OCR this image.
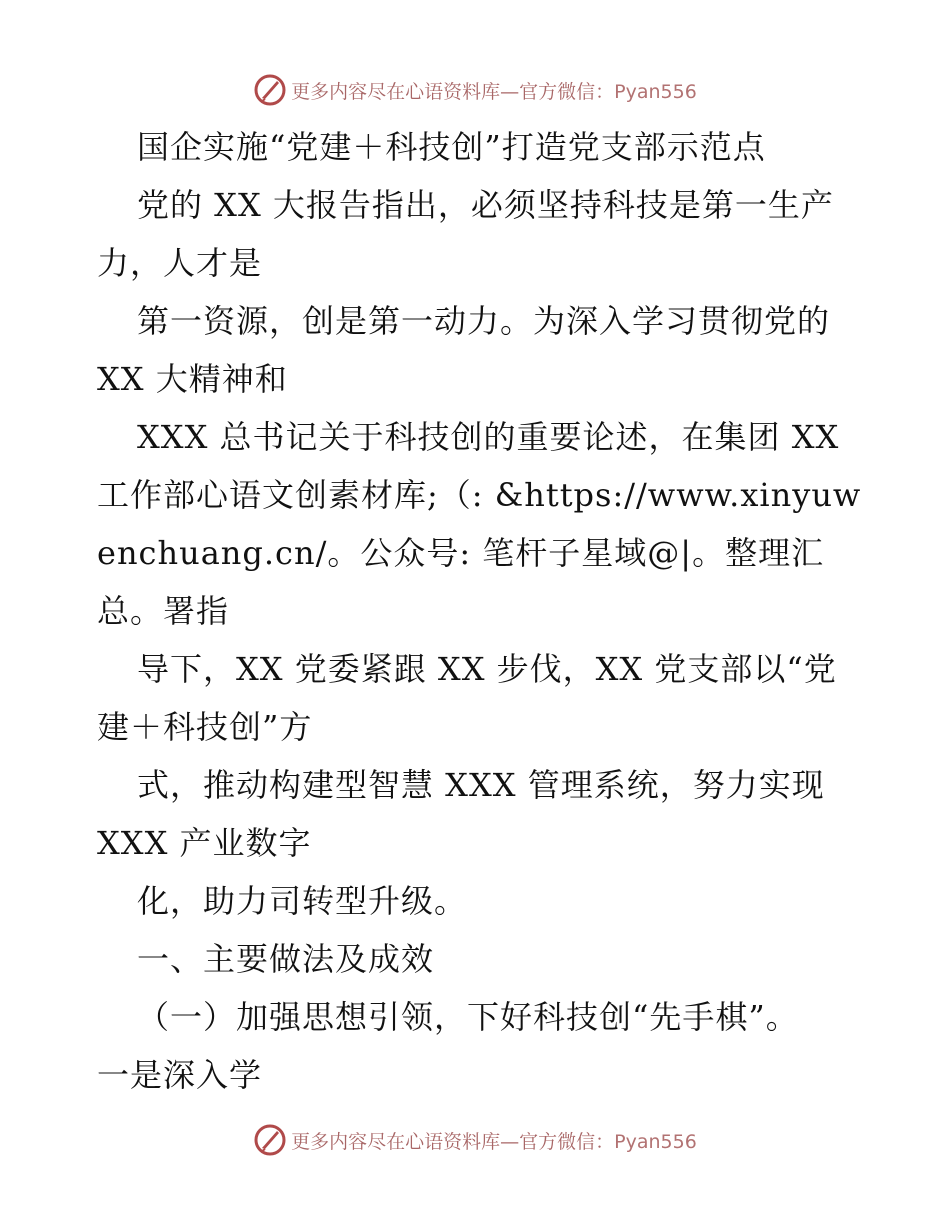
更多内容尽在心语资料库—官方微信：Pyan556
国企实施“党建＋科技创”打造党支部示范点
党的 XX 大报告指出，必须坚持科技是第一生产
力，人才是
第一资源，创是第一动力。为深入学习贯彻党的
XX 大精神和
XXX 总书记关于科技创的重要论述，在集团 XX
工作部心语文创素材库;（: &https://www.xinyuw
enchuang.cn/。公众号: 笔杆子星域@|。整理汇
总。署指
导下，XX 党委紧跟 XX 步伐，XX 党支部以“党
建＋科技创”方
式，推动构建型智慧 XXX 管理系统，努力实现
XXX 产业数字
化，助力司转型升级。
一、主要做法及成效
（一）加强思想引领，下好科技创“先手棋”。
一是深入学
更多内容尽在心语资料库—官方微信：Pyan556
